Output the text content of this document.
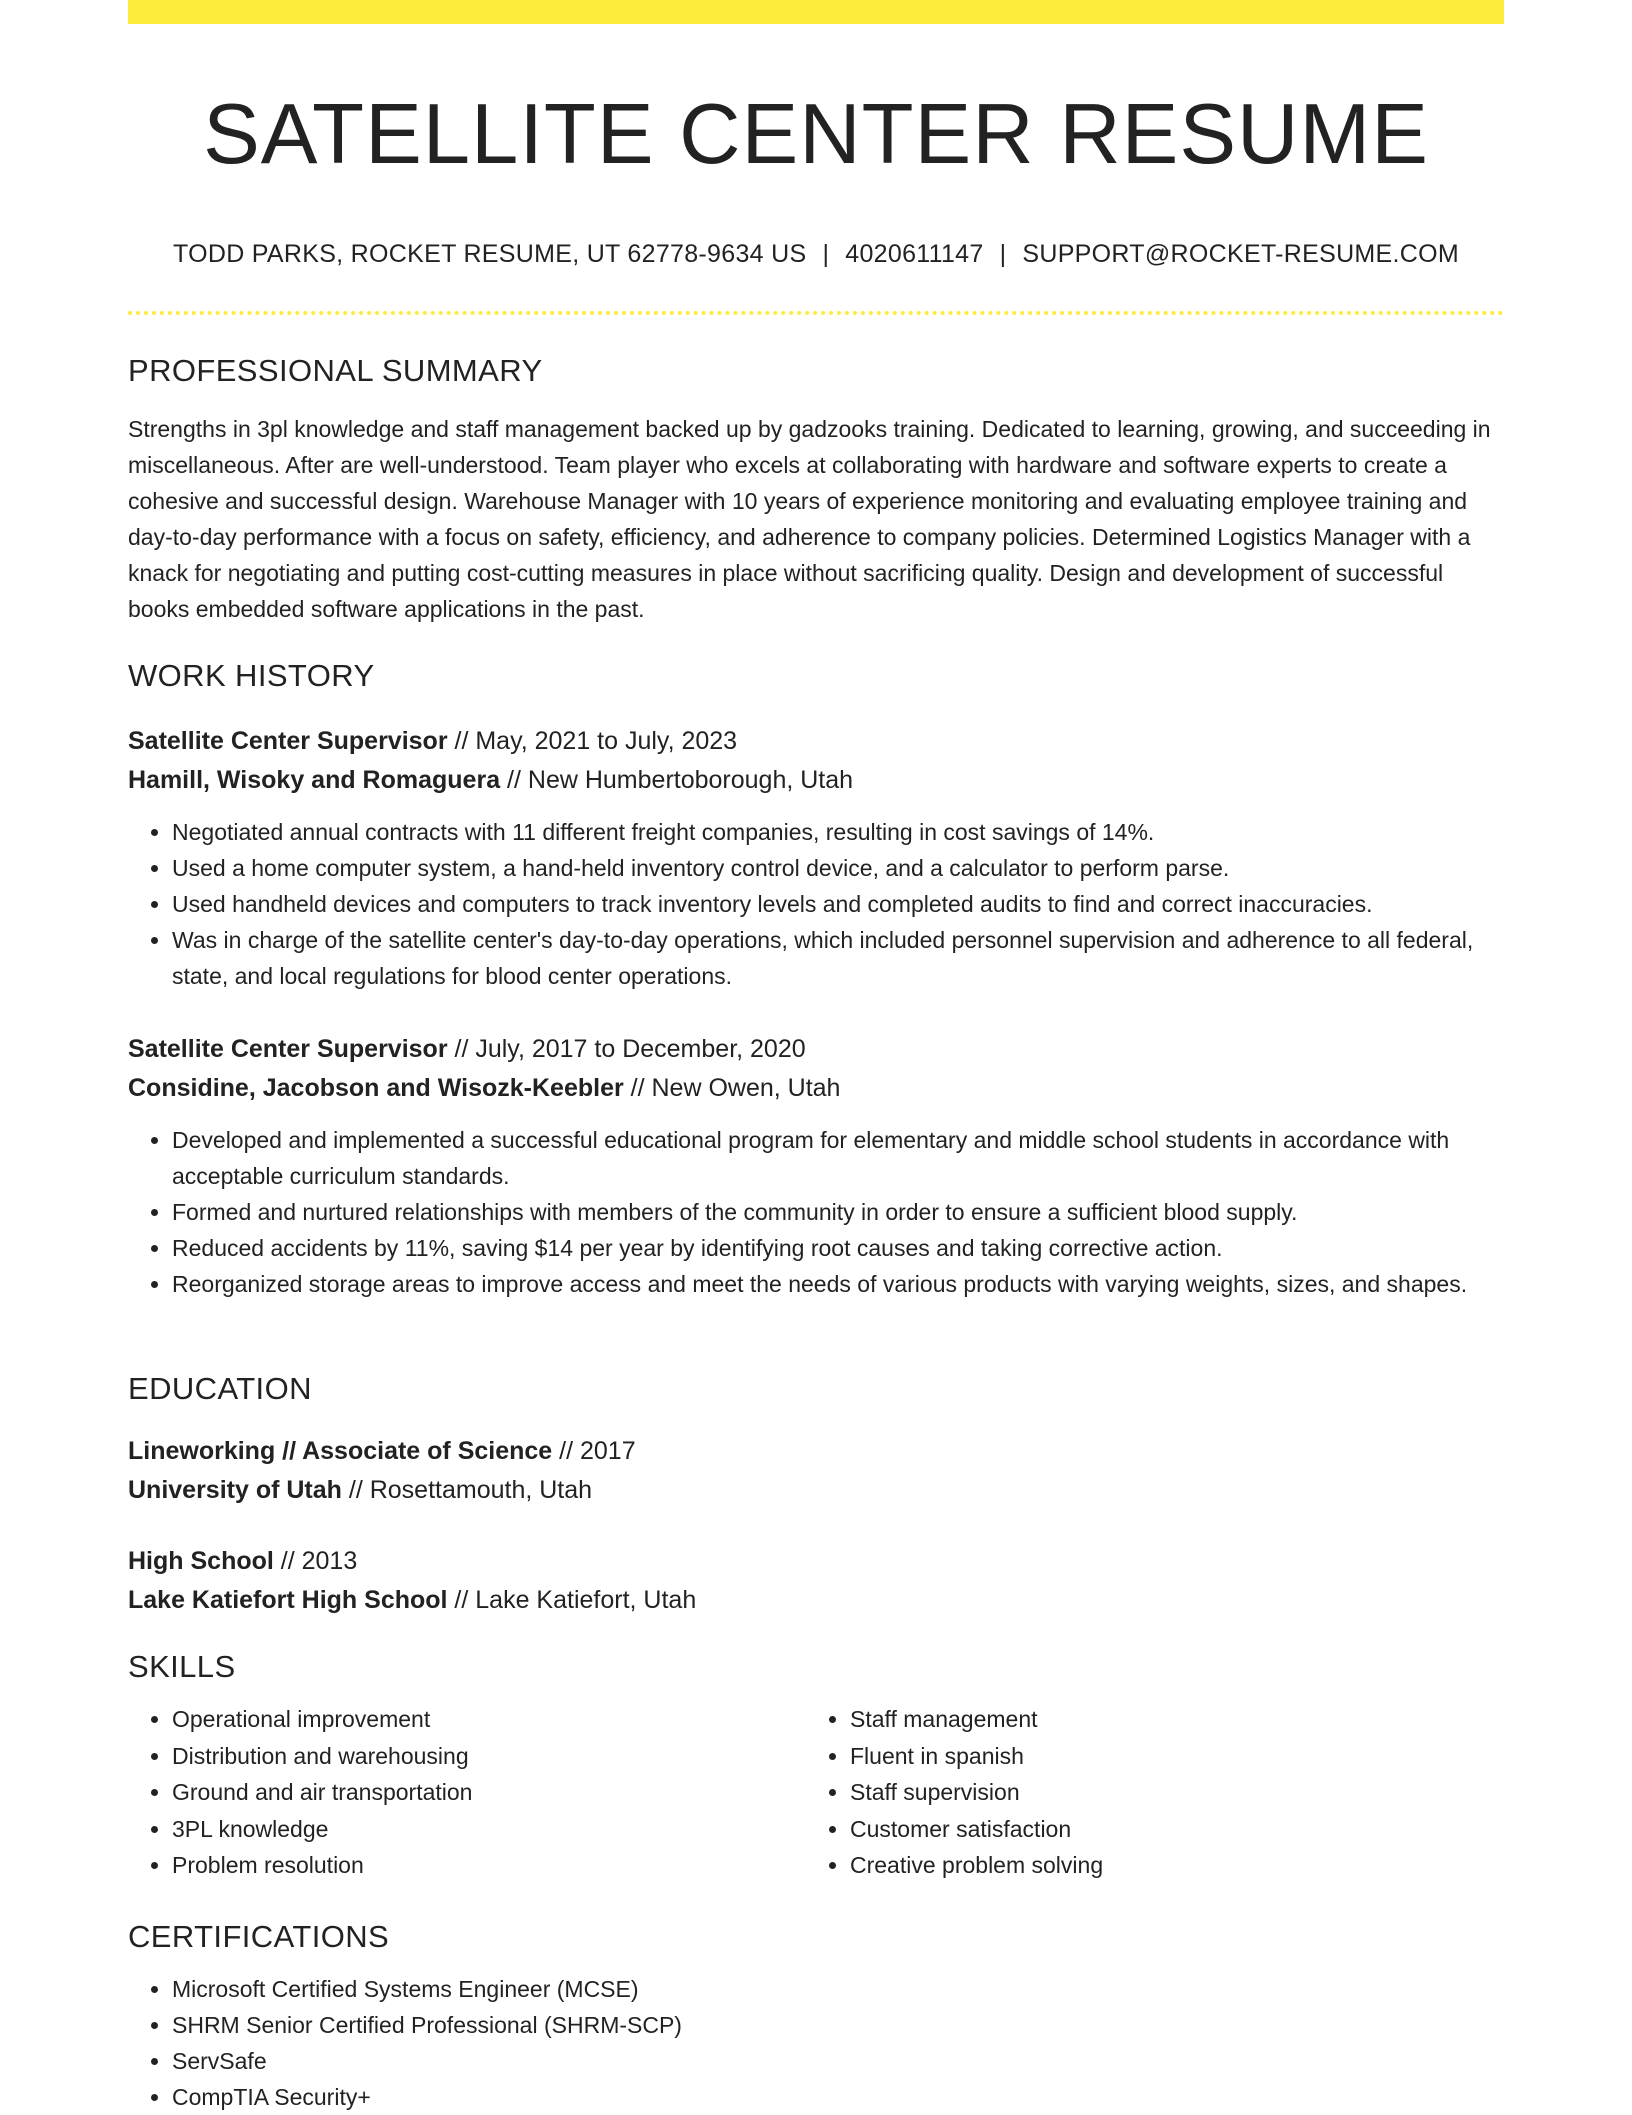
SATELLITE CENTER RESUME
TODD PARKS, ROCKET RESUME, UT 62778-9634 US | 4020611147 | SUPPORT@ROCKET-RESUME.COM
PROFESSIONAL SUMMARY

Strengths in 3pl knowledge and staff management backed up by gadzooks training. Dedicated to learning, growing, and succeeding in miscellaneous. After are well-understood. Team player who excels at collaborating with hardware and software experts to create a cohesive and successful design. Warehouse Manager with 10 years of experience monitoring and evaluating employee training and day-to-day performance with a focus on safety, efficiency, and adherence to company policies. Determined Logistics Manager with a knack for negotiating and putting cost-cutting measures in place without sacrificing quality. Design and development of successful books embedded software applications in the past.

WORK HISTORY
Satellite Center Supervisor // May, 2021 to July, 2023
Hamill, Wisoky and Romaguera // New Humbertoborough, Utah
• Negotiated annual contracts with 11 different freight companies, resulting in cost savings of 14%.
• Used a home computer system, a hand-held inventory control device, and a calculator to perform parse.
• Used handheld devices and computers to track inventory levels and completed audits to find and correct inaccuracies.
• Was in charge of the satellite center's day-to-day operations, which included personnel supervision and adherence to all federal, state, and local regulations for blood center operations.
Satellite Center Supervisor // July, 2017 to December, 2020
Considine, Jacobson and Wisozk-Keebler // New Owen, Utah
• Developed and implemented a successful educational program for elementary and middle school students in accordance with acceptable curriculum standards.
• Formed and nurtured relationships with members of the community in order to ensure a sufficient blood supply.
• Reduced accidents by 11%, saving $14 per year by identifying root causes and taking corrective action.
• Reorganized storage areas to improve access and meet the needs of various products with varying weights, sizes, and shapes.
EDUCATION
Lineworking // Associate of Science // 2017
University of Utah // Rosettamouth, Utah
High School // 2013
Lake Katiefort High School // Lake Katiefort, Utah
SKILLS
• Operational improvement
• Distribution and warehousing
• Ground and air transportation
• 3PL knowledge
• Problem resolution
• Staff management
• Fluent in spanish
• Staff supervision
• Customer satisfaction
• Creative problem solving
CERTIFICATIONS
• Microsoft Certified Systems Engineer (MCSE)
• SHRM Senior Certified Professional (SHRM-SCP)
• ServSafe
• CompTIA Security+
